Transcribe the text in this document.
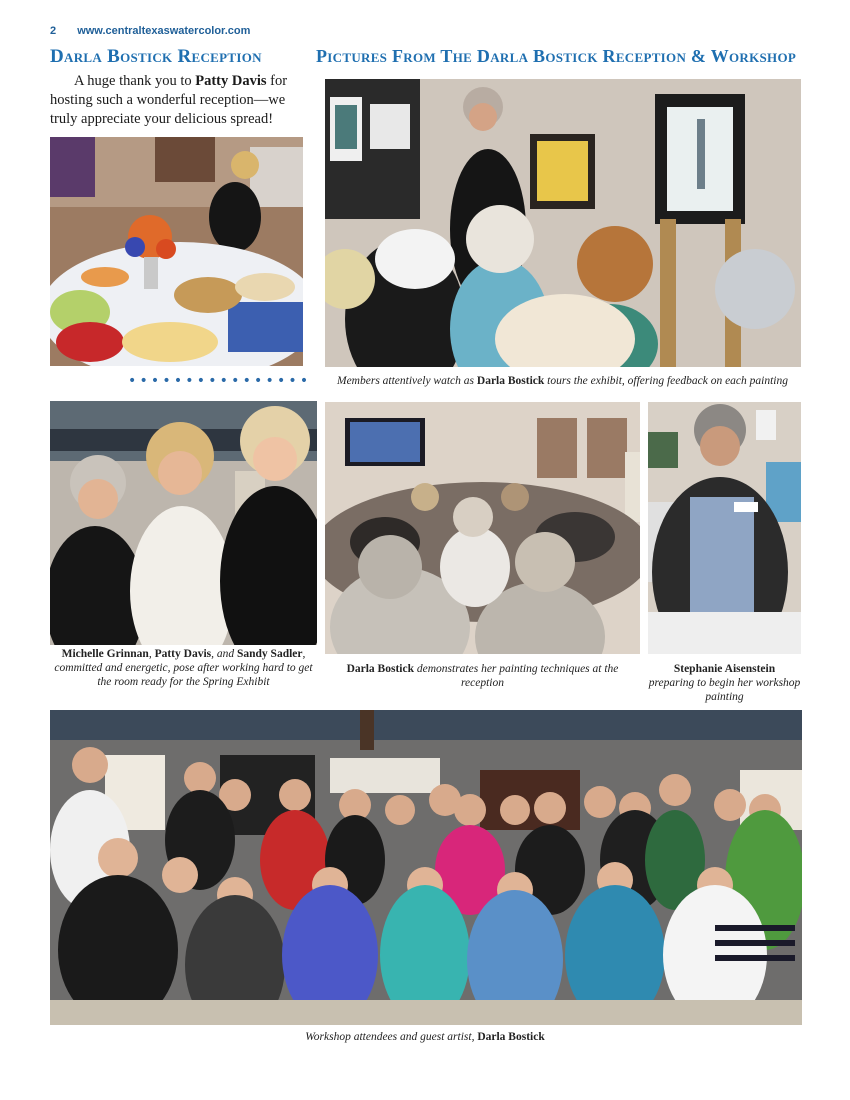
2 www.centraltexaswatercolor.com
Darla Bostick Reception	Pictures From The Darla Bostick Reception & Workshop
A huge thank you to Patty Davis for hosting such a wonderful reception—we truly appreciate your delicious spread!
••••••••••••••••	Members attentively watch as Darla Bostick tours the exhibit, offering feedback on each painting
Michelle Grinnan, Patty Davis, and Sandy Sadler, committed and energetic, pose after working hard to get the room ready for the Spring Exhibit
Darla Bostick demonstrates her painting techniques at the reception
Stephanie Aisenstein
preparing to begin her workshop painting
Workshop attendees and guest artist, Darla Bostick
